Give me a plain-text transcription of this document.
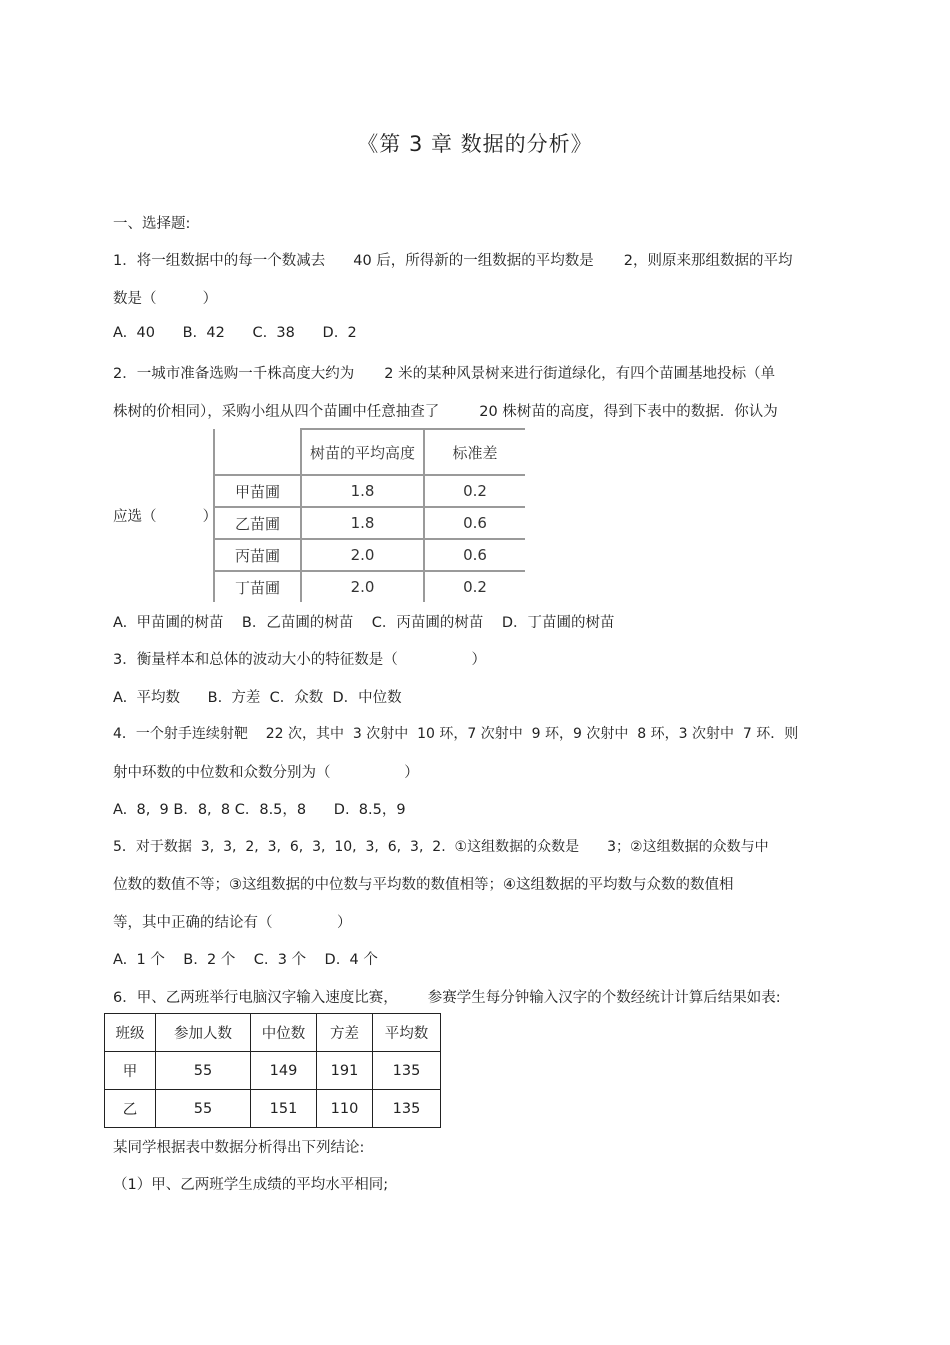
《第 3 章 数据的分析》
一、选择题:
1．将一组数据中的每一个数减去 40 后，所得新的一组数据的平均数是 2，则原来那组数据的平均
数是（          ）
A.  40      B.  42      C.  38      D.  2
2．一城市准备选购一千株高度大约为 2 米的某种风景树来进行街道绿化，有四个苗圃基地投标（单
株树的价相同），采购小组从四个苗圃中任意抽查了	20 株树苗的高度，得到下表中的数据．你认为
应选（          ）
	树苗的平均高度	标准差
甲苗圃	1.8	0.2
乙苗圃	1.8	0.6
丙苗圃	2.0	0.6
丁苗圃	2.0	0.2
A.  甲苗圃的树苗    B．乙苗圃的树苗    C．丙苗圃的树苗    D．丁苗圃的树苗
3．衡量样本和总体的波动大小的特征数是（                ）
A.  平均数      B.  方差  C．众数  D．中位数
4．一个射手连续射靶    22 次，其中  3 次射中  10 环，7 次射中  9 环，9 次射中  8 环，3 次射中  7 环．则
射中环数的中位数和众数分别为（                ）
A.  8,  9 B．8,  8 C．8.5，8      D.  8.5，9
5．对于数据  3,  3,  2,  3,  6,  3,  10,  3,  6,  3,  2.  ①这组数据的众数是 3；②这组数据的众数与中
位数的数值不等；③这组数据的中位数与平均数的数值相等；④这组数据的平均数与众数的数值相
等，其中正确的结论有（              ）
A.  1 个    B.  2 个    C.  3 个    D.  4 个
6．甲、乙两班举行电脑汉字输入速度比赛， 参赛学生每分钟输入汉字的个数经统计计算后结果如表:
班级	参加人数	中位数	方差	平均数
甲	55	149	191	135
乙	55	151	110	135
某同学根据表中数据分析得出下列结论:
（1）甲、乙两班学生成绩的平均水平相同;
